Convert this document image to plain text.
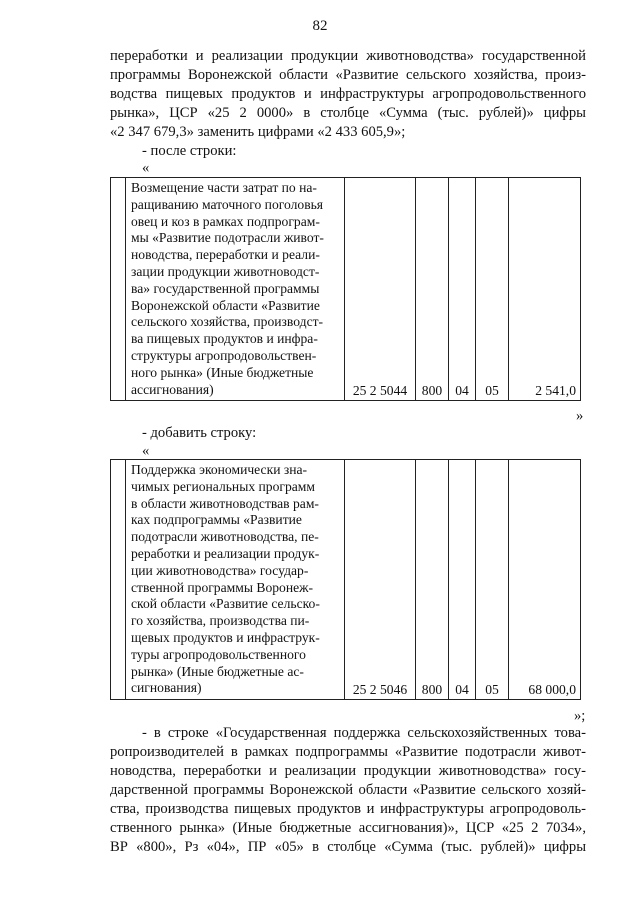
82
переработки и реализации продукции животноводства» государственной
программы Воронежской области «Развитие сельского хозяйства, произ-
водства пищевых продуктов и инфраструктуры агропродовольственного
рынка», ЦСР «25 2 0000» в столбце «Сумма (тыс. рублей)» цифры
«2 347 679,3» заменить цифрами «2 433 605,9»;
- после строки:
«

Возмещение части затрат по на-
ращиванию маточного поголовья
овец и коз в рамках подпрограм-
мы «Развитие подотрасли живот-
новодства, переработки и реали-
зации продукции животноводст-
ва» государственной программы
Воронежской области «Развитие
сельского хозяйства, производст-
ва пищевых продуктов и инфра-
структуры агропродовольствен-
ного рынка» (Иные бюджетные
ассигнования)	25 2 5044	800	04	05	2 541,0
»
- добавить строку:
«

Поддержка экономически зна-
чимых региональных программ
в области животноводствав рам-
ках подпрограммы «Развитие
подотрасли животноводства, пе-
реработки и реализации продук-
ции животноводства» государ-
ственной программы Воронеж-
ской области «Развитие сельско-
го хозяйства, производства пи-
щевых продуктов и инфраструк-
туры агропродовольственного
рынка» (Иные бюджетные ас-
сигнования)	25 2 5046	800	04	05	68 000,0
»;
- в строке «Государственная поддержка сельскохозяйственных това-
ропроизводителей в рамках подпрограммы «Развитие подотрасли живот-
новодства, переработки и реализации продукции животноводства» госу-
дарственной программы Воронежской области «Развитие сельского хозяй-
ства, производства пищевых продуктов и инфраструктуры агропродоволь-
ственного рынка» (Иные бюджетные ассигнования)», ЦСР «25 2 7034»,
ВР «800», Рз «04», ПР «05» в столбце «Сумма (тыс. рублей)» цифры
